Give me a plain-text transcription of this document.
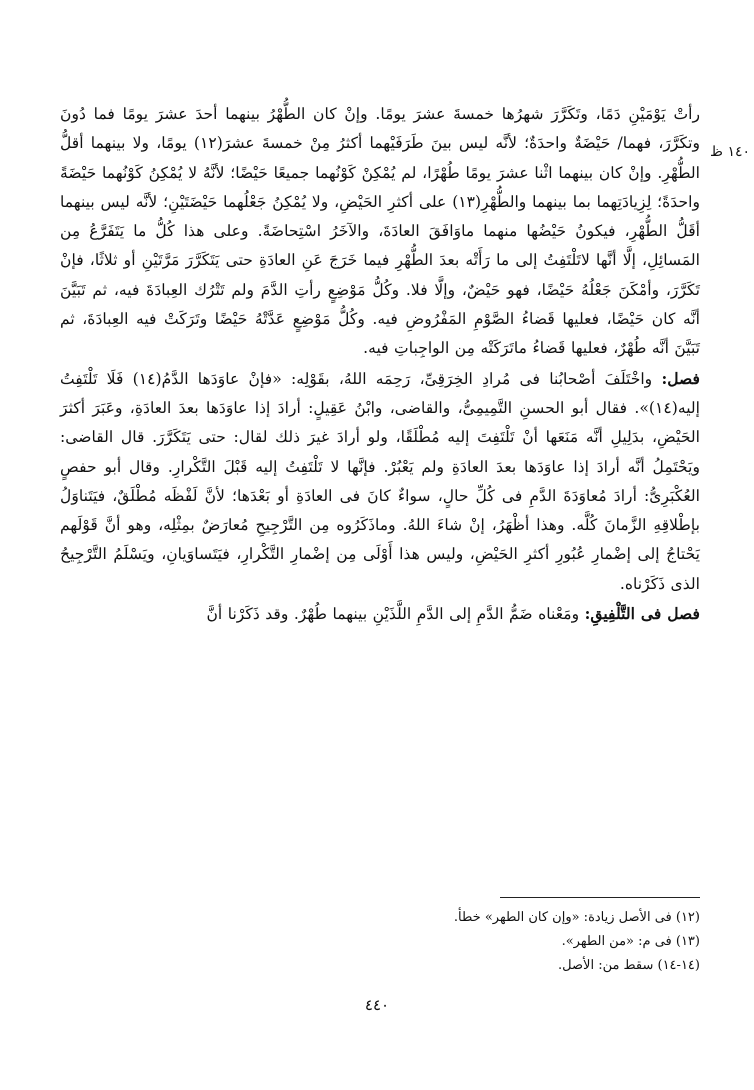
١٤٠ ظ

رأتْ يَوْمَيْنِ دَمًا، وتَكَرَّرَ شهرُها خمسةَ عشرَ يومًا. وإنْ كان الطُّهْرُ بينهما أحدَ عشرَ يومًا فما دُونَ وتكَرَّرَ، فهما/ حَيْضَةٌ واحدَةٌ؛ لأنَّه ليس بينَ طَرَفَيْهما أكثرُ مِنْ خمسةَ عشرَ(١٢) يومًا، ولا بينهما أقلُّ الطُّهْرِ. وإنْ كان بينهما اثْنا عشرَ يومًا طُهْرًا، لم يُمْكِنْ كَوْنُهما جميعًا حَيْضًا؛ لأنَّهُ لا يُمْكِنُ كَوْنُهما حَيْضَةً واحدَةً؛ لِزِيادَتِهما بما بينهما والطُّهْرِ(١٣) على أكثرِ الحَيْضِ، ولا يُمْكِنُ جَعْلُهما حَيْضَتَيْنِ؛ لأنَّه ليس بينهما أقَلُّ الطُّهْرِ، فيكونُ حَيْضُها منهما ماوَافَقَ العادَةَ، والآخَرُ اسْتِحاضَةً. وعلى هذا كُلُّ ما يَتَفَرَّعُ مِن المَسائِلِ، إلَّا أنَّها لاتَلْتَفِتُ إلى ما رَأَتْه بعدَ الطُّهْرِ فيما خَرَجَ عَنِ العادَةِ حتى يَتَكَرَّرَ مَرَّتَيْنِ أو ثلاثًا، فإنْ تَكَرَّرَ، وأمْكَنَ جَعْلُهُ حَيْضًا، فهو حَيْضٌ، وإلَّا فلا. وكُلُّ مَوْضِعٍ رأتِ الدَّمَ ولم تَتْرُك العِبادَةَ فيه، ثم تَبَيَّنَ أنَّه كان حَيْضًا، فعليها قَضاءُ الصَّوْمِ المَفْرُوضِ فيه. وكُلُّ مَوْضِعٍ عَدَّتْهُ حَيْضًا وتَرَكَتْ فيه العِبادَةَ، ثم تَبَيَّنَ أنَّه طُهْرٌ، فعليها قَضاءُ ماتَرَكَتْه مِن الواجِباتِ فيه.

فصل: واخْتَلَفَ أصْحابُنا فى مُرادِ الخِرَقِىِّ، رَحِمَه اللهُ، بقَوْلِه: «فإنْ عاوَدَها الدَّمُ(١٤) فَلَا تَلْتَفِتُ إليه(١٤)». فقال أبو الحسنِ التَّمِيمِىُّ، والقاضى، وابْنُ عَقِيلٍ: أرادَ إذا عاوَدَها بعدَ العادَةِ، وعَبَرَ أكثرَ الحَيْضِ، بدَلِيلِ أنَّه مَنَعَها أنْ تَلْتَفِتَ إليه مُطْلَقًا، ولو أرادَ غيرَ ذلك لقال: حتى يَتَكَرَّرَ. قال القاضى: ويَحْتَمِلُ أنَّه أرادَ إذا عاوَدَها بعدَ العادَةِ ولم يَعْبُرْ. فإنَّها لا تَلْتَفِتُ إليه قَبْلَ التَّكْرارِ. وقال أبو حفصٍ العُكْبَرِىُّ: أرادَ مُعاوَدَةَ الدَّمِ فى كُلِّ حالٍ، سواءٌ كانَ فى العادَةِ أو بَعْدَها؛ لأنَّ لَفْظَه مُطْلَقٌ، فيَتَناوَلُ بإطْلاقِهِ الزَّمانَ كُلَّه. وهذا أظْهَرُ، إنْ شاءَ اللهُ. وماذَكَرُوه مِن التَّرْجِيحِ مُعارَضٌ بمِثْلِه، وهو أنَّ قَوْلَهم يَحْتاجُ إلى إضْمارِ عُبُورِ أكثرِ الحَيْضِ، وليس هذا أَوْلَى مِن إضْمارِ التَّكْرارِ، فيَتَساوَيانِ، ويَسْلَمُ التَّرْجِيحُ الذى ذَكَرْناه.

فصل فى التَّلْفِيقِ: ومَعْناه ضَمُّ الدَّمِ إلى الدَّمِ اللَّذَيْنِ بينهما طُهْرٌ. وقد ذَكَرْنا أنَّ

(١٢) فى الأصل زيادة: «وإن كان الطهر» خطأ.

(١٣) فى م: «من الطهر».

(١٤-١٤) سقط من: الأصل.

٤٤٠
